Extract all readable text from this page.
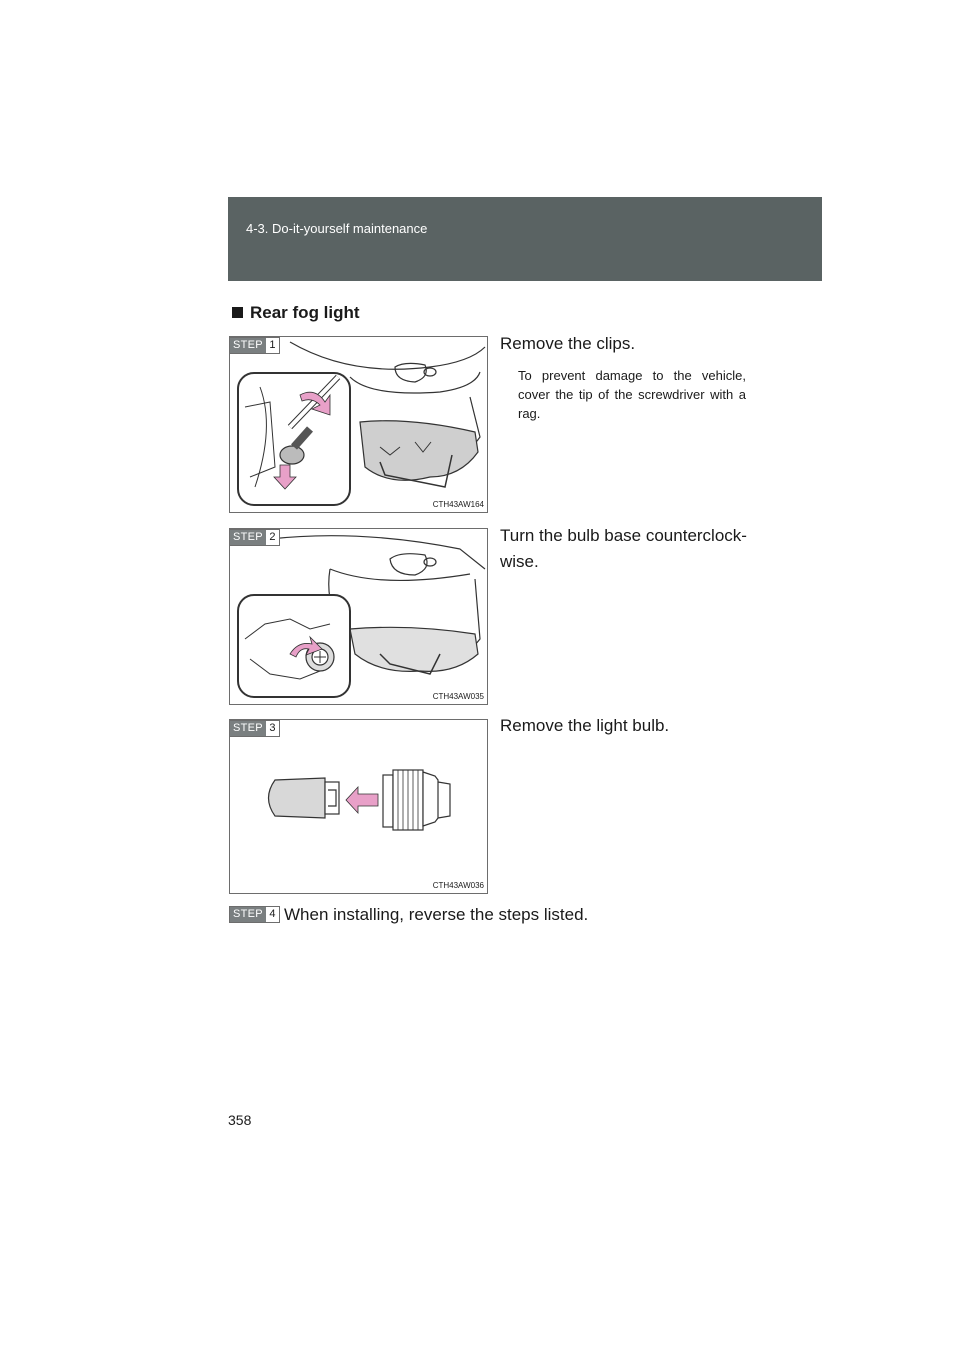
4-3. Do-it-yourself maintenance
Rear fog light
CTH43AW164
STEP 1	Remove the clips.
To prevent damage to the vehicle, cover the tip of the screwdriver with a rag.
CTH43AW035
STEP 2	Turn the bulb base counterclock-wise.
CTH43AW036
STEP 3	Remove the light bulb.
STEP 4 When installing, reverse the steps listed.
358
